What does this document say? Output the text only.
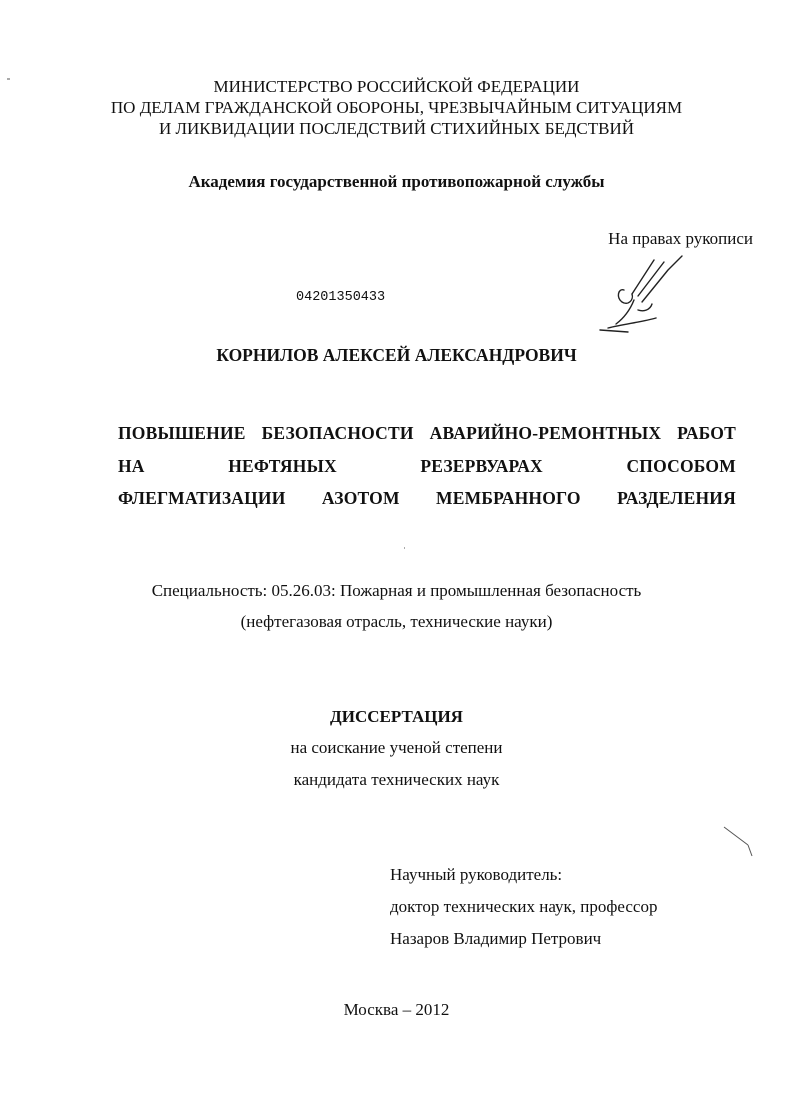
МИНИСТЕРСТВО РОССИЙСКОЙ ФЕДЕРАЦИИ
ПО ДЕЛАМ ГРАЖДАНСКОЙ ОБОРОНЫ, ЧРЕЗВЫЧАЙНЫМ СИТУАЦИЯМ
И ЛИКВИДАЦИИ ПОСЛЕДСТВИЙ СТИХИЙНЫХ БЕДСТВИЙ
Академия государственной противопожарной службы
На правах рукописи
04201350433
КОРНИЛОВ АЛЕКСЕЙ АЛЕКСАНДРОВИЧ
ПОВЫШЕНИЕ БЕЗОПАСНОСТИ АВАРИЙНО-РЕМОНТНЫХ РАБОТ
НА	НЕФТЯНЫХ	РЕЗЕРВУАРАХ	СПОСОБОМ
ФЛЕГМАТИЗАЦИИ АЗОТОМ МЕМБРАННОГО РАЗДЕЛЕНИЯ
Специальность: 05.26.03: Пожарная и промышленная безопасность
(нефтегазовая отрасль, технические науки)
ДИССЕРТАЦИЯ
на соискание ученой степени
кандидата технических наук
Научный руководитель:
доктор технических наук, профессор
Назаров Владимир Петрович
Москва – 2012
